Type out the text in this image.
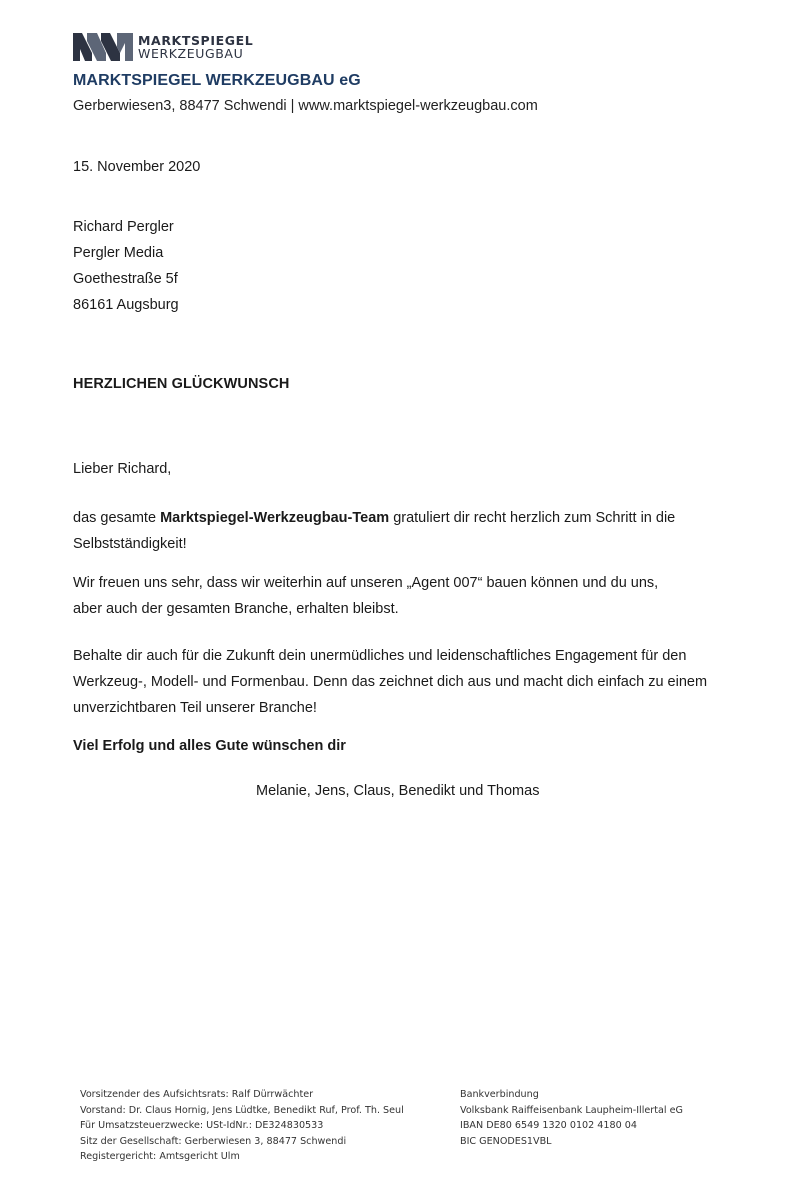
MARKTSPIEGEL
WERKZEUGBAU
MARKTSPIEGEL WERKZEUGBAU eG
Gerberwiesen3, 88477 Schwendi | www.marktspiegel-werkzeugbau.com
15. November 2020
Richard Pergler
Pergler Media
Goethestraße 5f
86161 Augsburg
HERZLICHEN GLÜCKWUNSCH
Lieber Richard,
das gesamte Marktspiegel-Werkzeugbau-Team gratuliert dir recht herzlich zum Schritt in die
Selbstständigkeit!
Wir freuen uns sehr, dass wir weiterhin auf unseren „Agent 007“ bauen können und du uns,
aber auch der gesamten Branche, erhalten bleibst.
Behalte dir auch für die Zukunft dein unermüdliches und leidenschaftliches Engagement für den
Werkzeug-, Modell- und Formenbau. Denn das zeichnet dich aus und macht dich einfach zu einem
unverzichtbaren Teil unserer Branche!
Viel Erfolg und alles Gute wünschen dir
Melanie, Jens, Claus, Benedikt und Thomas
Vorsitzender des Aufsichtsrats: Ralf Dürrwächter
Vorstand: Dr. Claus Hornig, Jens Lüdtke, Benedikt Ruf, Prof. Th. Seul
Für Umsatzsteuerzwecke: USt-IdNr.: DE324830533
Sitz der Gesellschaft: Gerberwiesen 3, 88477 Schwendi
Registergericht: Amtsgericht Ulm
Bankverbindung
Volksbank Raiffeisenbank Laupheim-Illertal eG
IBAN DE80 6549 1320 0102 4180 04
BIC GENODES1VBL
